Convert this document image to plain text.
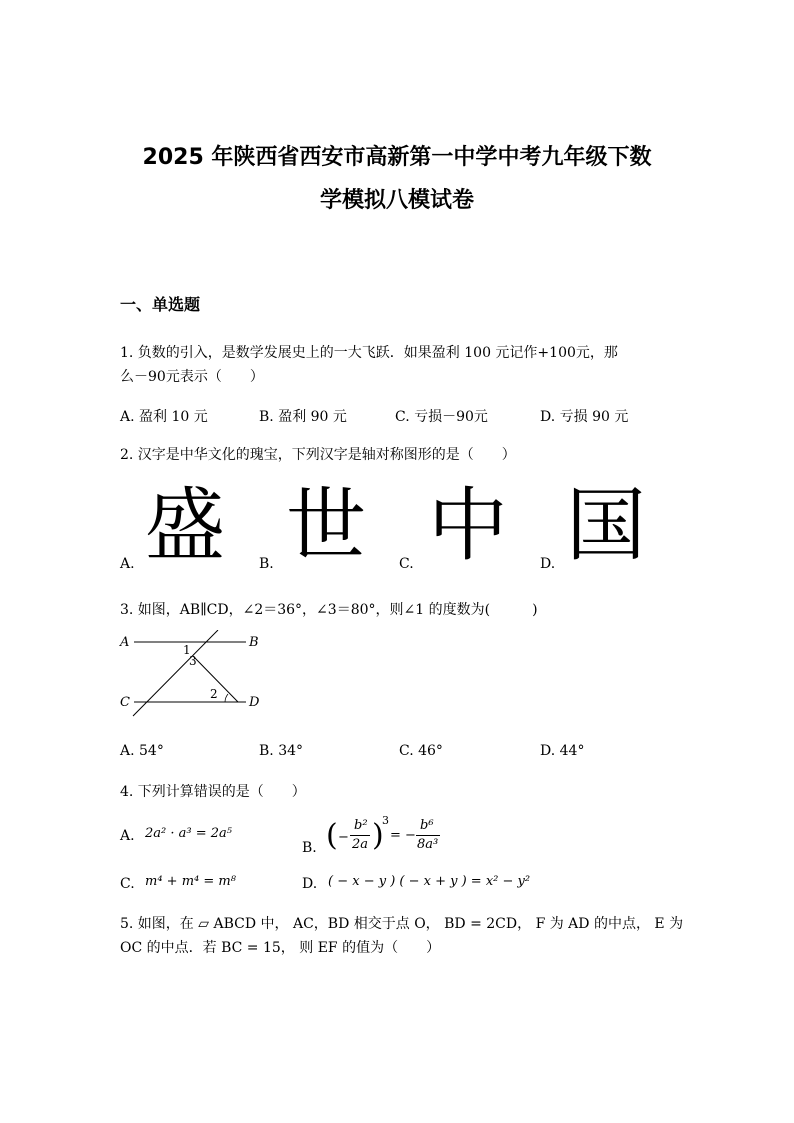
2025 年陕西省西安市高新第一中学中考九年级下数
学模拟八模试卷
一、单选题
1. 负数的引入，是数学发展史上的一大飞跃．如果盈利 100 元记作+100元，那
么－90元表示（　　）
A. 盈利 10 元	B. 盈利 90 元	C. 亏损－90元	D. 亏损 90 元
2. 汉字是中华文化的瑰宝，下列汉字是轴对称图形的是（　　）
盛 世 中 国
A.	B.	C.	D.
3. 如图，AB∥CD，∠2＝36°，∠3＝80°，则∠1 的度数为(　　　)
A	B
C	D
1
3
2
A. 54°	B. 34°	C. 46°	D. 44°
4. 下列计算错误的是（　　）
A. 2a² · a³ = 2a⁵
B. ( −
b²
2a )
3
= −
b⁶
8a³
C. m⁴ + m⁴ = m⁸	D. ( − x − y ) ( − x + y ) = x² − y²
5. 如图，在 ▱ ABCD 中， AC，BD 相交于点 O， BD = 2CD， F 为 AD 的中点， E 为
OC 的中点．若 BC = 15， 则 EF 的值为（　　）
